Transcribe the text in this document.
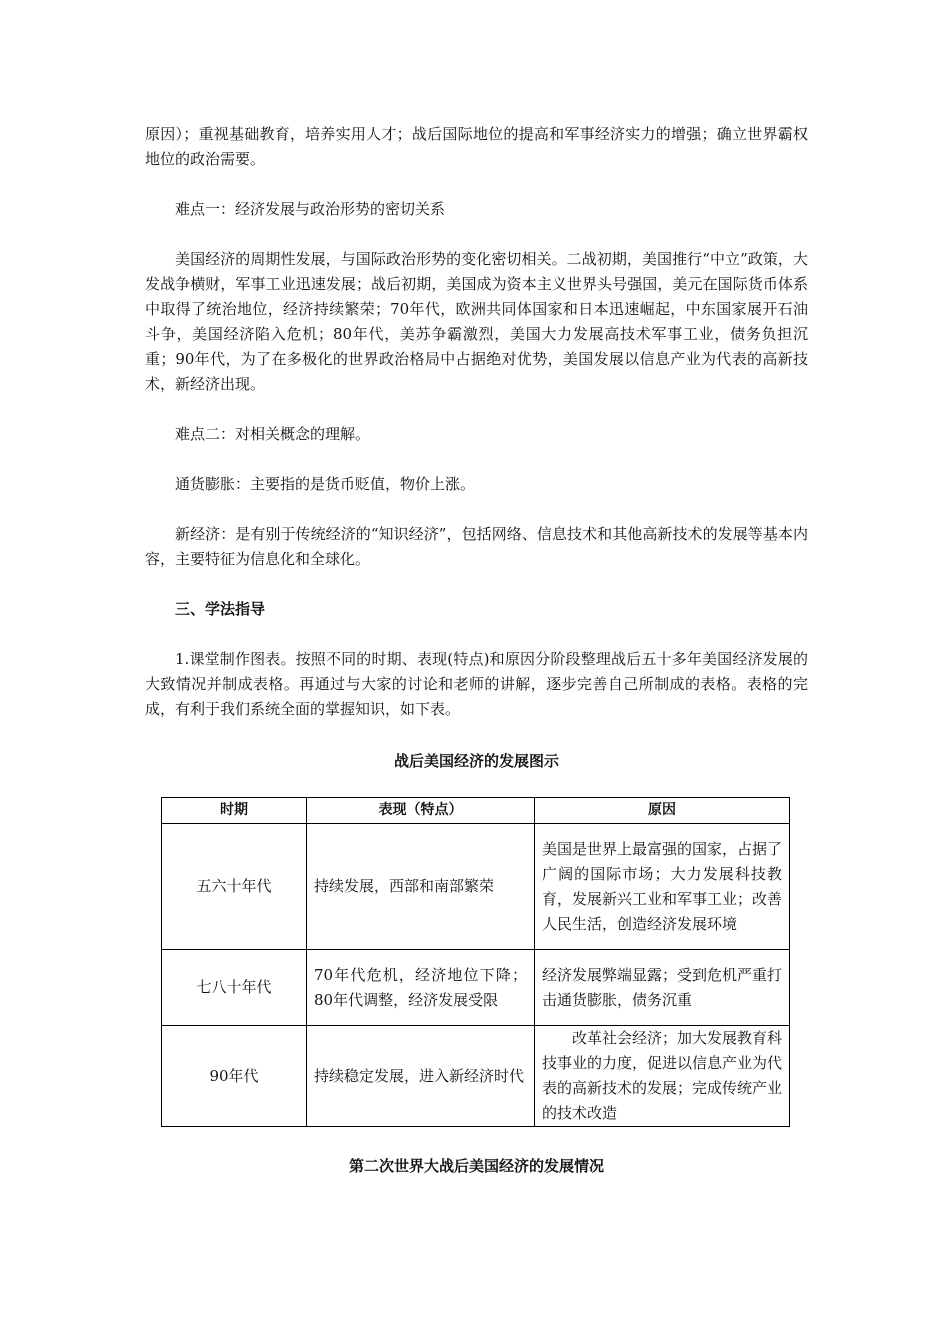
原因）；重视基础教育，培养实用人才；战后国际地位的提高和军事经济实力的增强；确立世界霸权地位的政治需要。

难点一：经济发展与政治形势的密切关系

美国经济的周期性发展，与国际政治形势的变化密切相关。二战初期，美国推行“中立”政策，大发战争横财，军事工业迅速发展；战后初期，美国成为资本主义世界头号强国，美元在国际货币体系中取得了统治地位，经济持续繁荣；70年代，欧洲共同体国家和日本迅速崛起，中东国家展开石油斗争，美国经济陷入危机；80年代，美苏争霸激烈，美国大力发展高技术军事工业，债务负担沉重；90年代，为了在多极化的世界政治格局中占据绝对优势，美国发展以信息产业为代表的高新技术，新经济出现。

难点二：对相关概念的理解。

通货膨胀：主要指的是货币贬值，物价上涨。

新经济：是有别于传统经济的“知识经济”，包括网络、信息技术和其他高新技术的发展等基本内容，主要特征为信息化和全球化。

三、学法指导

1.课堂制作图表。按照不同的时期、表现(特点)和原因分阶段整理战后五十多年美国经济发展的大致情况并制成表格。再通过与大家的讨论和老师的讲解，逐步完善自己所制成的表格。表格的完成，有利于我们系统全面的掌握知识，如下表。

战后美国经济的发展图示

时期	表现（特点）	原因
五六十年代	持续发展，西部和南部繁荣	美国是世界上最富强的国家，占据了广阔的国际市场；大力发展科技教育，发展新兴工业和军事工业；改善人民生活，创造经济发展环境
七八十年代	70年代危机，经济地位下降；80年代调整，经济发展受限	经济发展弊端显露；受到危机严重打击通货膨胀，债务沉重
90年代	持续稳定发展，进入新经济时代	改革社会经济；加大发展教育科技事业的力度，促进以信息产业为代表的高新技术的发展；完成传统产业的技术改造

第二次世界大战后美国经济的发展情况
